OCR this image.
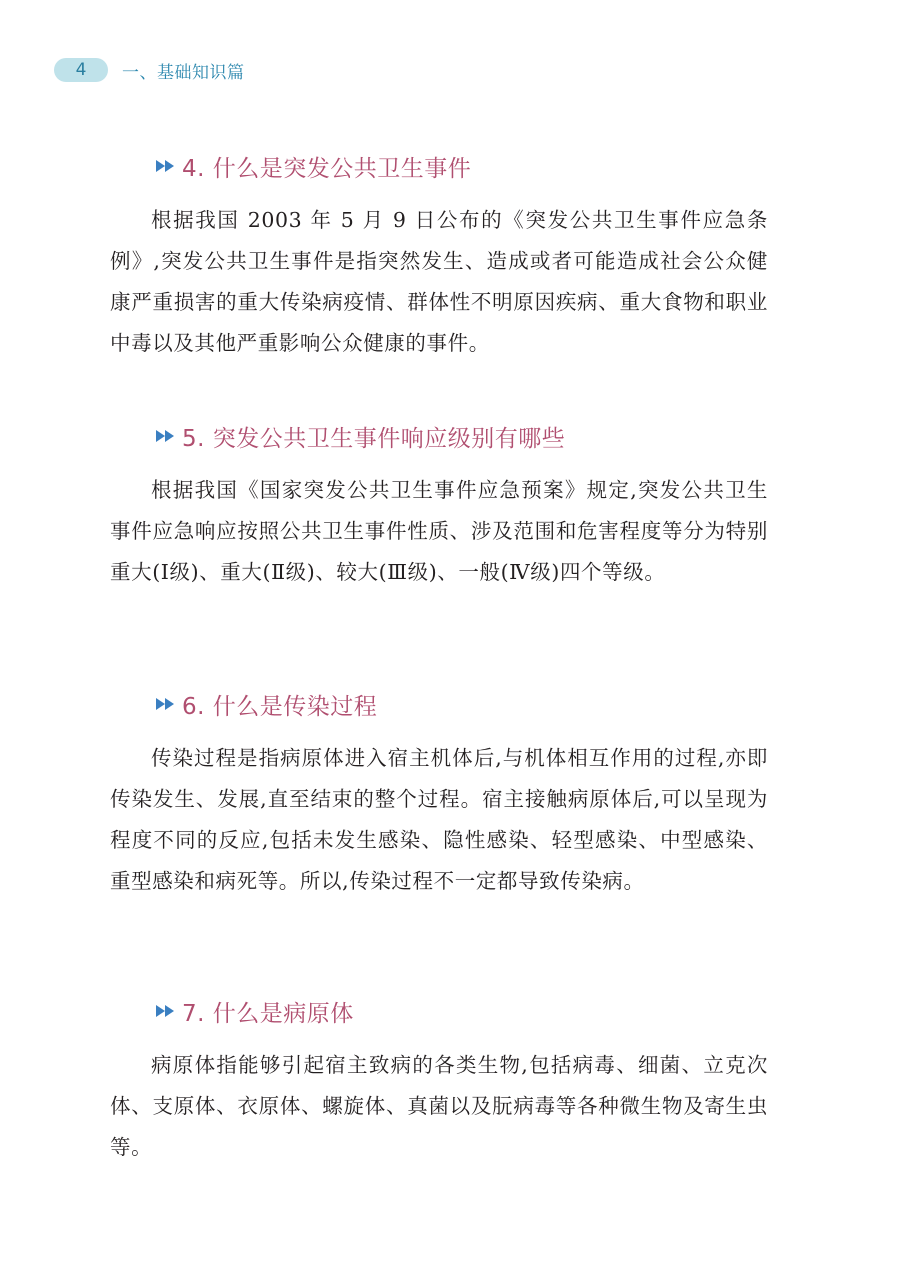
4	一、基础知识篇
4. 什么是突发公共卫生事件

根据我国 2003 年 5 月 9 日公布的《突发公共卫生事件应急条例》,突发公共卫生事件是指突然发生、造成或者可能造成社会公众健康严重损害的重大传染病疫情、群体性不明原因疾病、重大食物和职业中毒以及其他严重影响公众健康的事件。

5. 突发公共卫生事件响应级别有哪些

根据我国《国家突发公共卫生事件应急预案》规定,突发公共卫生事件应急响应按照公共卫生事件性质、涉及范围和危害程度等分为特别重大(Ⅰ级)、重大(Ⅱ级)、较大(Ⅲ级)、一般(Ⅳ级)四个等级。

6. 什么是传染过程

传染过程是指病原体进入宿主机体后,与机体相互作用的过程,亦即传染发生、发展,直至结束的整个过程。宿主接触病原体后,可以呈现为程度不同的反应,包括未发生感染、隐性感染、轻型感染、中型感染、重型感染和病死等。所以,传染过程不一定都导致传染病。

7. 什么是病原体

病原体指能够引起宿主致病的各类生物,包括病毒、细菌、立克次体、支原体、衣原体、螺旋体、真菌以及朊病毒等各种微生物及寄生虫等。
